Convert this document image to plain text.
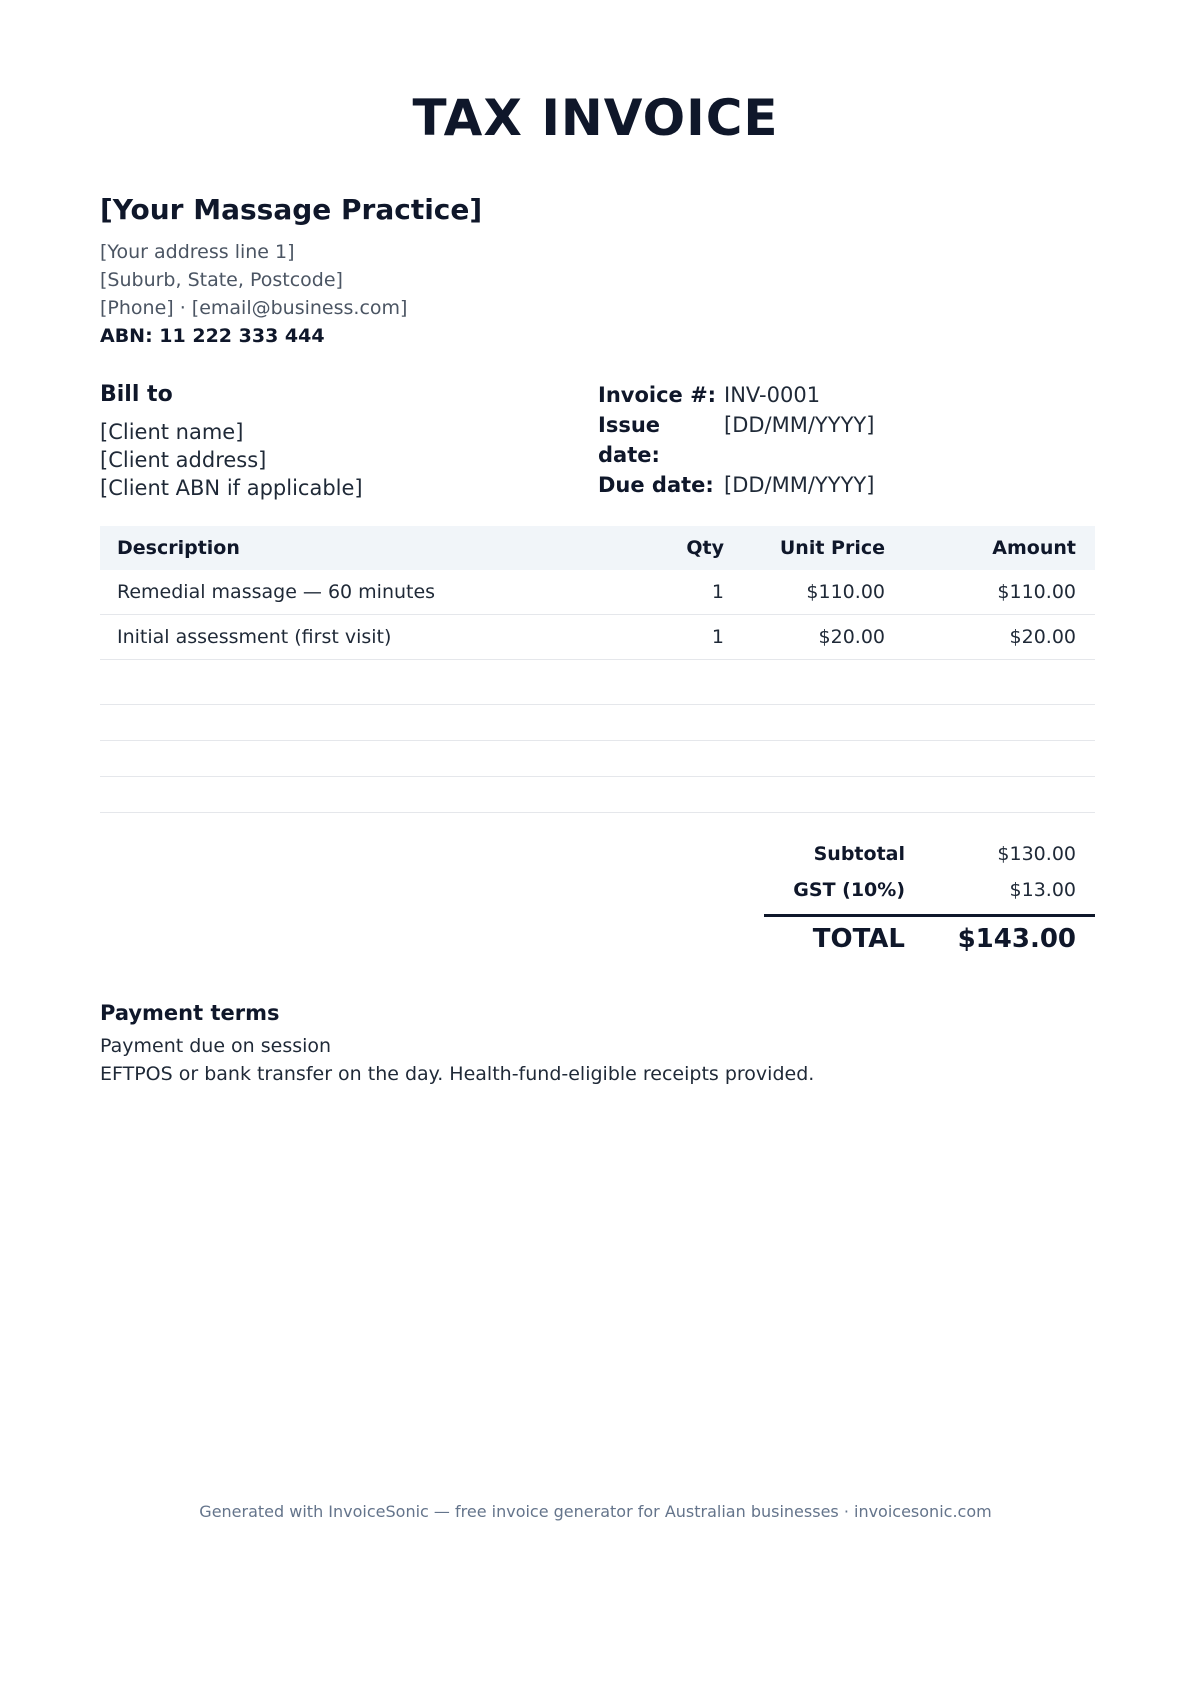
TAX INVOICE
[Your Massage Practice]
[Your address line 1]
[Suburb, State, Postcode]
[Phone] · [email@business.com]
ABN: 11 222 333 444
Bill to
[Client name]
[Client address]
[Client ABN if applicable]
Invoice #: INV-0001
Issue date:
[DD/MM/YYYY]
Due date: [DD/MM/YYYY]
Description	Qty	Unit Price	Amount
Remedial massage — 60 minutes	1	$110.00	$110.00
Initial assessment (first visit)	1	$20.00	$20.00
Subtotal	$130.00
GST (10%)	$13.00
TOTAL	$143.00
Payment terms
Payment due on session
EFTPOS or bank transfer on the day. Health-fund-eligible receipts provided.
Generated with InvoiceSonic — free invoice generator for Australian businesses · invoicesonic.com
